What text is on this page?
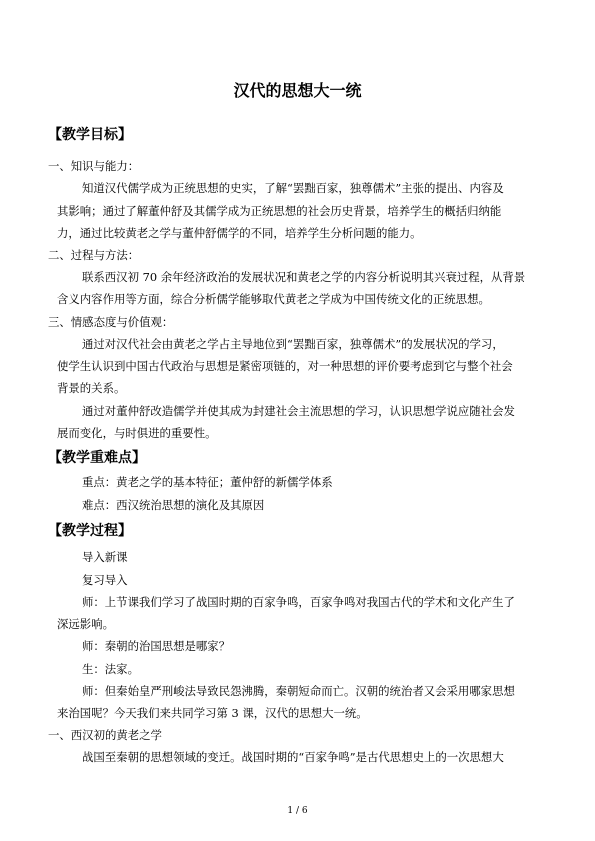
汉代的思想大一统
【教学目标】
一、知识与能力：
知道汉代儒学成为正统思想的史实，了解“罢黜百家，独尊儒术”主张的提出、内容及
其影响；通过了解董仲舒及其儒学成为正统思想的社会历史背景，培养学生的概括归纳能
力，通过比较黄老之学与董仲舒儒学的不同，培养学生分析问题的能力。
二、过程与方法：
联系西汉初 70 余年经济政治的发展状况和黄老之学的内容分析说明其兴衰过程，从背景
含义内容作用等方面，综合分析儒学能够取代黄老之学成为中国传统文化的正统思想。
三、情感态度与价值观：
通过对汉代社会由黄老之学占主导地位到“罢黜百家，独尊儒术”的发展状况的学习，
使学生认识到中国古代政治与思想是紧密项链的，对一种思想的评价要考虑到它与整个社会
背景的关系。
通过对董仲舒改造儒学并使其成为封建社会主流思想的学习，认识思想学说应随社会发
展而变化，与时俱进的重要性。
【教学重难点】
重点：黄老之学的基本特征；董仲舒的新儒学体系
难点：西汉统治思想的演化及其原因
【教学过程】
导入新课
复习导入
师：上节课我们学习了战国时期的百家争鸣，百家争鸣对我国古代的学术和文化产生了
深远影响。
师：秦朝的治国思想是哪家？
生：法家。
师：但秦始皇严刑峻法导致民怨沸腾，秦朝短命而亡。汉朝的统治者又会采用哪家思想
来治国呢？今天我们来共同学习第 3 课，汉代的思想大一统。
一、西汉初的黄老之学
战国至秦朝的思想领域的变迁。战国时期的“百家争鸣”是古代思想史上的一次思想大
1 / 6
